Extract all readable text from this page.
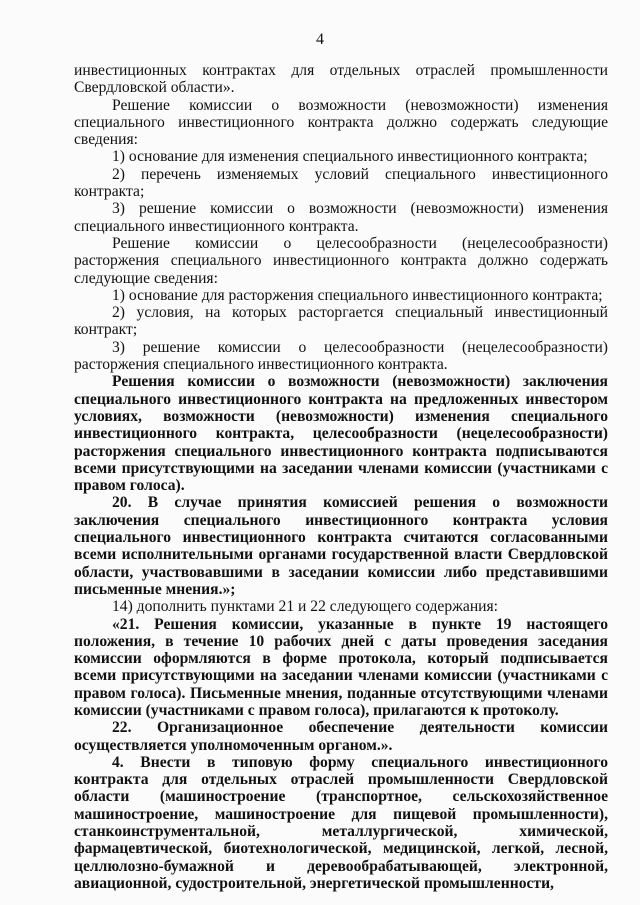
4

инвестиционных контрактах для отдельных отраслей промышленности Свердловской области».

Решение комиссии о возможности (невозможности) изменения специального инвестиционного контракта должно содержать следующие сведения:

1) основание для изменения специального инвестиционного контракта;

2) перечень изменяемых условий специального инвестиционного контракта;

3) решение комиссии о возможности (невозможности) изменения специального инвестиционного контракта.

Решение комиссии о целесообразности (нецелесообразности) расторжения специального инвестиционного контракта должно содержать следующие сведения:

1) основание для расторжения специального инвестиционного контракта;

2) условия, на которых расторгается специальный инвестиционный контракт;

3) решение комиссии о целесообразности (нецелесообразности) расторжения специального инвестиционного контракта.

Решения комиссии о возможности (невозможности) заключения специального инвестиционного контракта на предложенных инвестором условиях, возможности (невозможности) изменения специального инвестиционного контракта, целесообразности (нецелесообразности) расторжения специального инвестиционного контракта подписываются всеми присутствующими на заседании членами комиссии (участниками с правом голоса).

20. В случае принятия комиссией решения о возможности заключения специального инвестиционного контракта условия специального инвестиционного контракта считаются согласованными всеми исполнительными органами государственной власти Свердловской области, участвовавшими в заседании комиссии либо представившими письменные мнения.»;

14) дополнить пунктами 21 и 22 следующего содержания:

«21. Решения комиссии, указанные в пункте 19 настоящего положения, в течение 10 рабочих дней с даты проведения заседания комиссии оформляются в форме протокола, который подписывается всеми присутствующими на заседании членами комиссии (участниками с правом голоса). Письменные мнения, поданные отсутствующими членами комиссии (участниками с правом голоса), прилагаются к протоколу.

22. Организационное обеспечение деятельности комиссии осуществляется уполномоченным органом.».

4. Внести в типовую форму специального инвестиционного контракта для отдельных отраслей промышленности Свердловской области (машиностроение (транспортное, сельскохозяйственное машиностроение, машиностроение для пищевой промышленности), станкоинструментальной, металлургической, химической, фармацевтической, биотехнологической, медицинской, легкой, лесной, целлюлозно-бумажной и деревообрабатывающей, электронной, авиационной, судостроительной, энергетической промышленности,
